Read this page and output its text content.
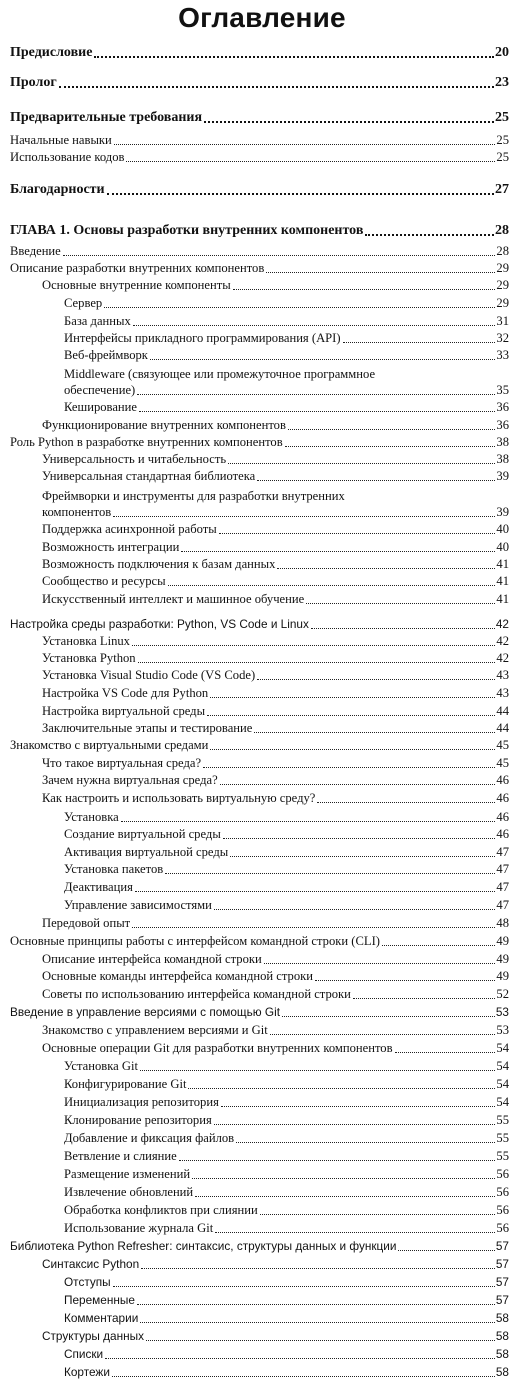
Оглавление
Предисловие	20
Пролог	23
Предварительные требования	25
Начальные навыки	25
Использование кодов	25
Благодарности	27
ГЛАВА 1. Основы разработки внутренних компонентов	28
Введение	28
Описание разработки внутренних компонентов	29
Основные внутренние компоненты	29
Сервер	29
База данных	31
Интерфейсы прикладного программирования (API)	32
Веб-фреймворк	33
Middleware (связующее или промежуточное программное
обеспечение)	35
Кеширование	36
Функционирование внутренних компонентов	36
Роль Python в разработке внутренних компонентов	38
Универсальность и читабельность	38
Универсальная стандартная библиотека	39
Фреймворки и инструменты для разработки внутренних
компонентов	39
Поддержка асинхронной работы	40
Возможность интеграции	40
Возможность подключения к базам данных	41
Сообщество и ресурсы	41
Искусственный интеллект и машинное обучение	41
Настройка среды разработки: Python, VS Code и Linux	42
Установка Linux	42
Установка Python	42
Установка Visual Studio Code (VS Code)	43
Настройка VS Code для Python	43
Настройка виртуальной среды	44
Заключительные этапы и тестирование	44
Знакомство с виртуальными средами	45
Что такое виртуальная среда?	45
Зачем нужна виртуальная среда?	46
Как настроить и использовать виртуальную среду?	46
Установка	46
Создание виртуальной среды	46
Активация виртуальной среды	47
Установка пакетов	47
Деактивация	47
Управление зависимостями	47
Передовой опыт	48
Основные принципы работы с интерфейсом командной строки (CLI)	49
Описание интерфейса командной строки	49
Основные команды интерфейса командной строки	49
Советы по использованию интерфейса командной строки	52
Введение в управление версиями с помощью Git	53
Знакомство с управлением версиями и Git	53
Основные операции Git для разработки внутренних компонентов	54
Установка Git	54
Конфигурирование Git	54
Инициализация репозитория	54
Клонирование репозитория	55
Добавление и фиксация файлов	55
Ветвление и слияние	55
Размещение изменений	56
Извлечение обновлений	56
Обработка конфликтов при слиянии	56
Использование журнала Git	56
Библиотека Python Refresher: синтаксис, структуры данных и функции	57
Синтаксис Python	57
Отступы	57
Переменные	57
Комментарии	58
Структуры данных	58
Списки	58
Кортежи	58
